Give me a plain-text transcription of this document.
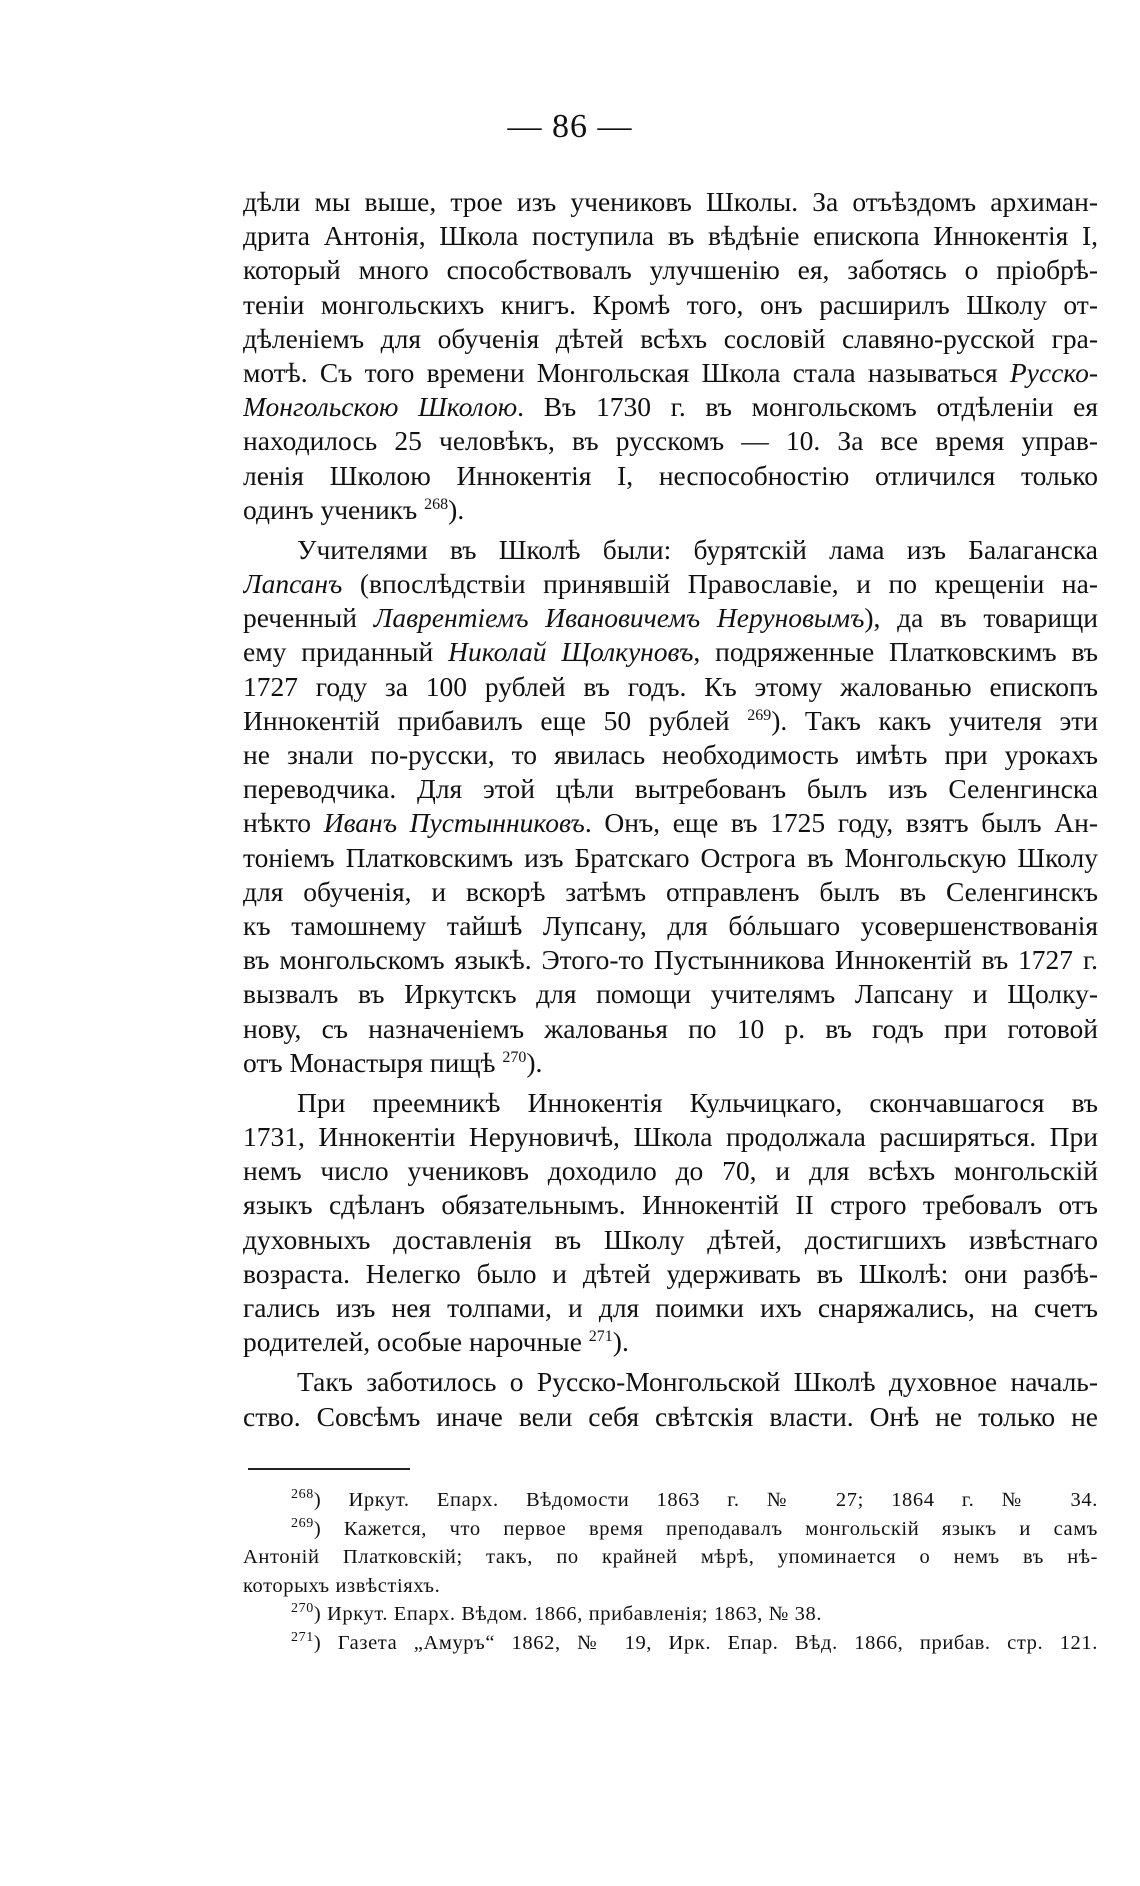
— 86 —
дѣли мы выше, трое изъ учениковъ Школы. За отъѣздомъ архиман-
дрита Антонія, Школа поступила въ вѣдѣніе епископа Иннокентія I,
который много способствовалъ улучшенію ея, заботясь о пріобрѣ-
теніи монгольскихъ книгъ. Кромѣ того, онъ расширилъ Школу от-
дѣленіемъ для обученія дѣтей всѣхъ сословій славяно-русской гра-
мотѣ. Съ того времени Монгольская Школа стала называться Русско-
Монгольскою Школою. Въ 1730 г. въ монгольскомъ отдѣленіи ея
находилось 25 человѣкъ, въ русскомъ — 10. За все время управ-
ленія Школою Иннокентія I, неспособностію отличился только
одинъ ученикъ $^{268}$).
Учителями въ Школѣ были: бурятскій лама изъ Балаганска
Лапсанъ (впослѣдствіи принявшій Православіе, и по крещеніи на-
реченный Лаврентіемъ Ивановичемъ Неруновымъ), да въ товарищи
ему приданный Николай Щолкуновъ, подряженные Платковскимъ въ
1727 году за 100 рублей въ годъ. Къ этому жалованью епископъ
Иннокентій прибавилъ еще 50 рублей $^{269}$). Такъ какъ учителя эти
не знали по-русски, то явилась необходимость имѣть при урокахъ
переводчика. Для этой цѣли вытребованъ былъ изъ Селенгинска
нѣкто Иванъ Пустынниковъ. Онъ, еще въ 1725 году, взятъ былъ Ан-
тоніемъ Платковскимъ изъ Братскаго Острога въ Монгольскую Школу
для обученія, и вскорѣ затѣмъ отправленъ былъ въ Селенгинскъ
къ тамошнему тайшѣ Лупсану, для бóльшаго усовершенствованія
въ монгольскомъ языкѣ. Этого-то Пустынникова Иннокентій въ 1727 г.
вызвалъ въ Иркутскъ для помощи учителямъ Лапсану и Щолку-
нову, съ назначеніемъ жалованья по 10 р. въ годъ при готовой
отъ Монастыря пищѣ $^{270}$).
При преемникѣ Иннокентія Кульчицкаго, скончавшагося въ
1731, Иннокентіи Неруновичѣ, Школа продолжала расширяться. При
немъ число учениковъ доходило до 70, и для всѣхъ монгольскій
языкъ сдѣланъ обязательнымъ. Иннокентій II строго требовалъ отъ
духовныхъ доставленія въ Школу дѣтей, достигшихъ извѣстнаго
возраста. Нелегко было и дѣтей удерживать въ Школѣ: они разбѣ-
гались изъ нея толпами, и для поимки ихъ снаряжались, на счетъ
родителей, особые нарочные $^{271}$).
Такъ заботилось о Русско-Монгольской Школѣ духовное началь-
ство. Совсѣмъ иначе вели себя свѣтскія власти. Онѣ не только не
$^{268}$) Иркут. Епарх. Вѣдомости 1863 г. № 27; 1864 г. № 34.
$^{269}$) Кажется, что первое время преподавалъ монгольскій языкъ и самъ
Антоній Платковскій; такъ, по крайней мѣрѣ, упоминается о немъ въ нѣ-
которыхъ извѣстіяхъ.
$^{270}$) Иркут. Епарх. Вѣдом. 1866, прибавленія; 1863, № 38.
$^{271}$) Газета „Амуръ“ 1862, № 19, Ирк. Епар. Вѣд. 1866, прибав. стр. 121.
